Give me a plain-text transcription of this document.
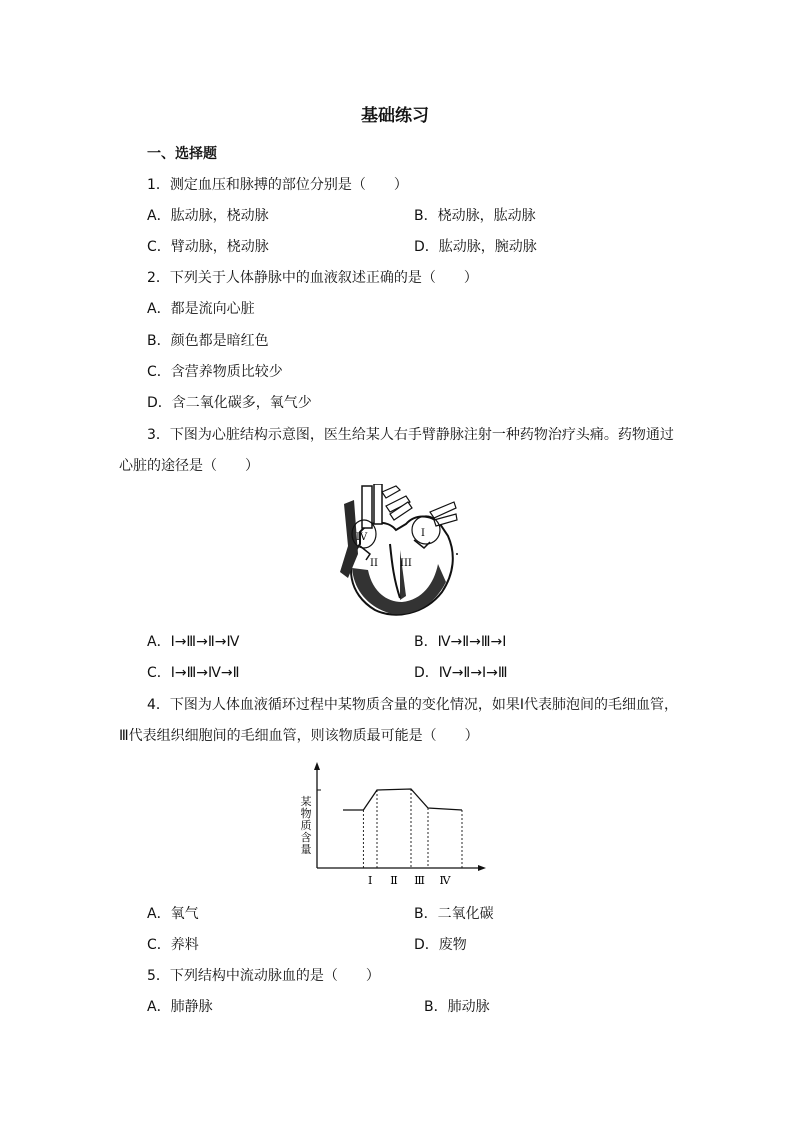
基础练习
一、选择题
1．测定血压和脉搏的部位分别是（　　）
A．肱动脉，桡动脉	B．桡动脉，肱动脉
C．臂动脉，桡动脉	D．肱动脉，腕动脉
2．下列关于人体静脉中的血液叙述正确的是（　　）
A．都是流向心脏
B．颜色都是暗红色
C．含营养物质比较少
D．含二氧化碳多，氧气少
3．下图为心脏结构示意图，医生给某人右手臂静脉注射一种药物治疗头痛。药物通过
心脏的途径是（　　）
IV	I
II III
A．Ⅰ→Ⅲ→Ⅱ→Ⅳ	B．Ⅳ→Ⅱ→Ⅲ→Ⅰ
C．Ⅰ→Ⅲ→Ⅳ→Ⅱ	D．Ⅳ→Ⅱ→Ⅰ→Ⅲ
4．下图为人体血液循环过程中某物质含量的变化情况，如果Ⅰ代表肺泡间的毛细血管，
Ⅲ代表组织细胞间的毛细血管，则该物质最可能是（　　）
某
物
质
含
量
Ⅰ Ⅱ Ⅲ Ⅳ
A．氧气	B．二氧化碳
C．养料	D．废物
5．下列结构中流动脉血的是（　　）
A．肺静脉	B．肺动脉
